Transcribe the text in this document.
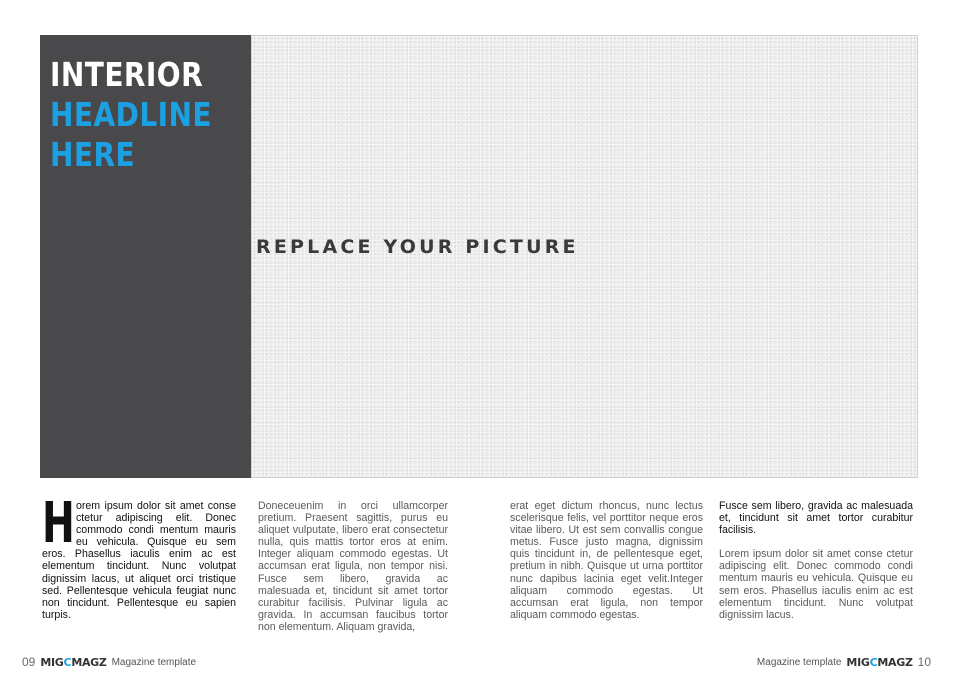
INTERIOR
HEADLINE
HERE

REPLACE YOUR PICTURE

H orem ipsum dolor sit amet conse ctetur adipiscing elit. Donec commodo condi mentum mauris eu vehicula. Quisque eu sem eros. Phasellus iaculis enim ac est elementum tincidunt. Nunc volutpat dignissim lacus, ut aliquet orci tristique sed. Pellentesque vehicula feugiat nunc non tincidunt. Pellentesque eu sapien turpis.

Doneceuenim in orci ullamcorper pretium. Praesent sagittis, purus eu aliquet vulputate, libero erat consectetur nulla, quis mattis tortor eros at enim. Integer aliquam commodo egestas. Ut accumsan erat ligula, non tempor nisi. Fusce sem libero, gravida ac malesuada et, tincidunt sit amet tortor curabitur facilisis. Pulvinar ligula ac gravida. In accumsan faucibus tortor non elementum. Aliquam gravida,

erat eget dictum rhoncus, nunc lectus scelerisque felis, vel porttitor neque eros vitae libero. Ut est sem convallis congue metus. Fusce justo magna, dignissim quis tincidunt in, de pellentesque eget, pretium in nibh. Quisque ut urna porttitor nunc dapibus lacinia eget velit.Integer aliquam commodo egestas. Ut accumsan erat ligula, non tempor aliquam commodo egestas.

Fusce sem libero, gravida ac malesuada et, tincidunt sit amet tortor curabitur facilisis.

Lorem ipsum dolor sit amet conse ctetur adipiscing elit. Donec commodo condi mentum mauris eu vehicula. Quisque eu sem eros. Phasellus iaculis enim ac est elementum tincidunt. Nunc volutpat dignissim lacus.

09 MIGCMAGZ Magazine template	Magazine template MIGCMAGZ 10
